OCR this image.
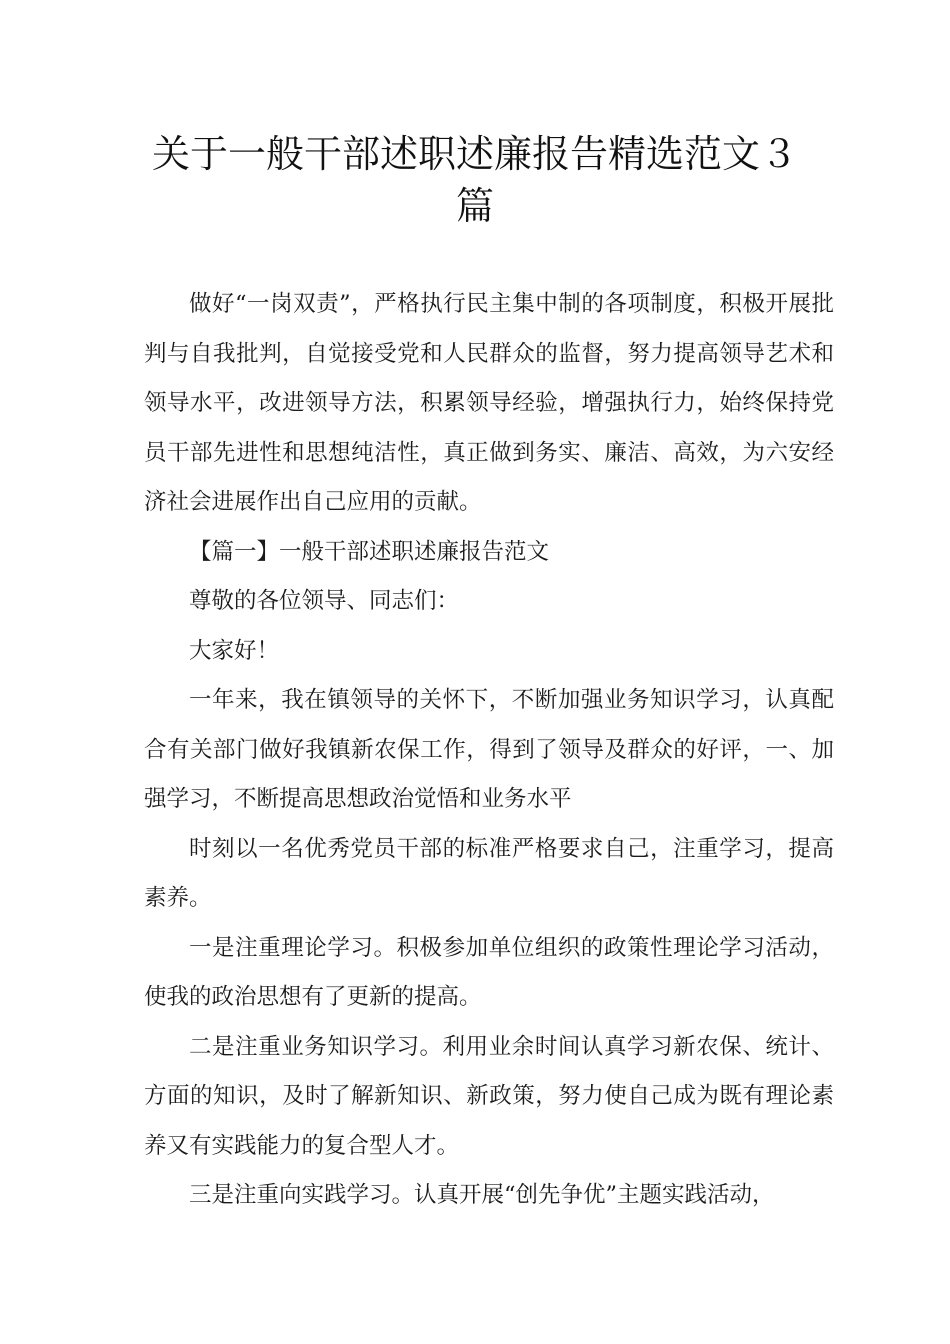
关于一般干部述职述廉报告精选范文３
篇

做好“一岗双责”，严格执行民主集中制的各项制度，积极开展批判与自我批判，自觉接受党和人民群众的监督，努力提高领导艺术和领导水平，改进领导方法，积累领导经验，增强执行力，始终保持党员干部先进性和思想纯洁性，真正做到务实、廉洁、高效，为六安经济社会进展作出自己应用的贡献。

【篇一】一般干部述职述廉报告范文

尊敬的各位领导、同志们：

大家好！

一年来，我在镇领导的关怀下，不断加强业务知识学习，认真配合有关部门做好我镇新农保工作，得到了领导及群众的好评，一、加强学习，不断提高思想政治觉悟和业务水平

时刻以一名优秀党员干部的标准严格要求自己，注重学习，提高素养。

一是注重理论学习。积极参加单位组织的政策性理论学习活动，使我的政治思想有了更新的提高。

二是注重业务知识学习。利用业余时间认真学习新农保、统计、方面的知识，及时了解新知识、新政策，努力使自己成为既有理论素养又有实践能力的复合型人才。

三是注重向实践学习。认真开展“创先争优”主题实践活动，
